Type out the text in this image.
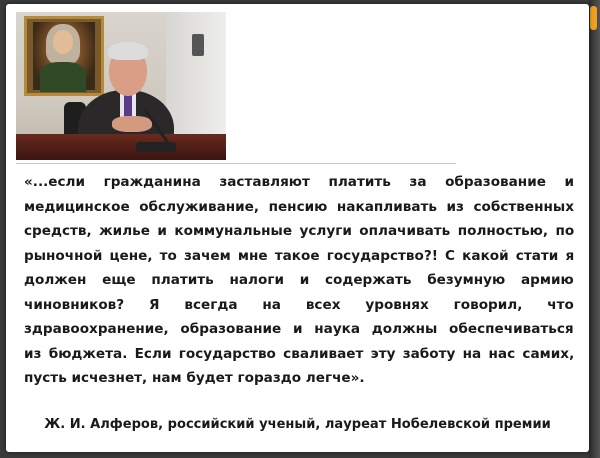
«...если гражданина заставляют платить за образование и
медицинское обслуживание, пенсию накапливать из собственных
средств, жилье и коммунальные услуги оплачивать полностью, по
рыночной цене, то зачем мне такое государство?! С какой стати я
должен еще платить налоги и содержать безумную армию
чиновников? Я всегда на всех уровнях говорил, что
здравоохранение, образование и наука должны обеспечиваться
из бюджета. Если государство сваливает эту заботу на нас самих,
пусть исчезнет, нам будет гораздо легче».
Ж. И. Алферов, российский ученый, лауреат Нобелевской премии
